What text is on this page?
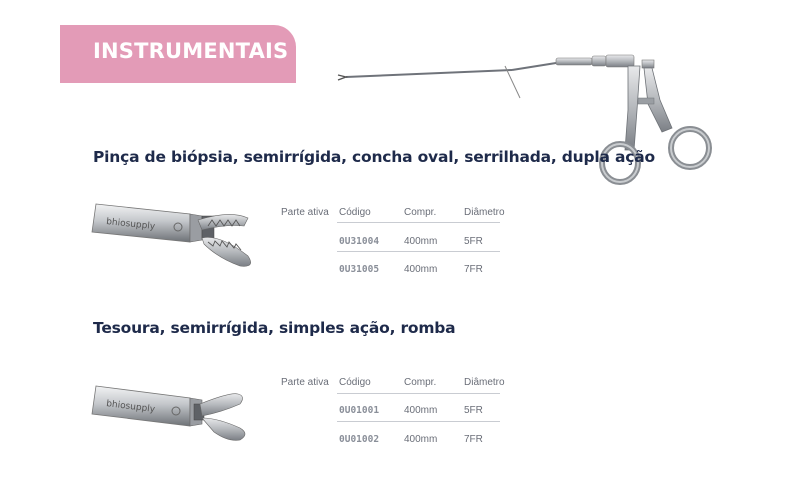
INSTRUMENTAIS
Pinça de biópsia, semirrígida, concha oval, serrilhada, dupla ação
bhiosupply
Parte ativa Código	Compr.	Diâmetro
0U31004 400mm	5FR
0U31005 400mm	7FR
Tesoura, semirrígida, simples ação, romba
bhiosupply
Parte ativa Código	Compr.	Diâmetro
0U01001 400mm	5FR
0U01002 400mm	7FR
